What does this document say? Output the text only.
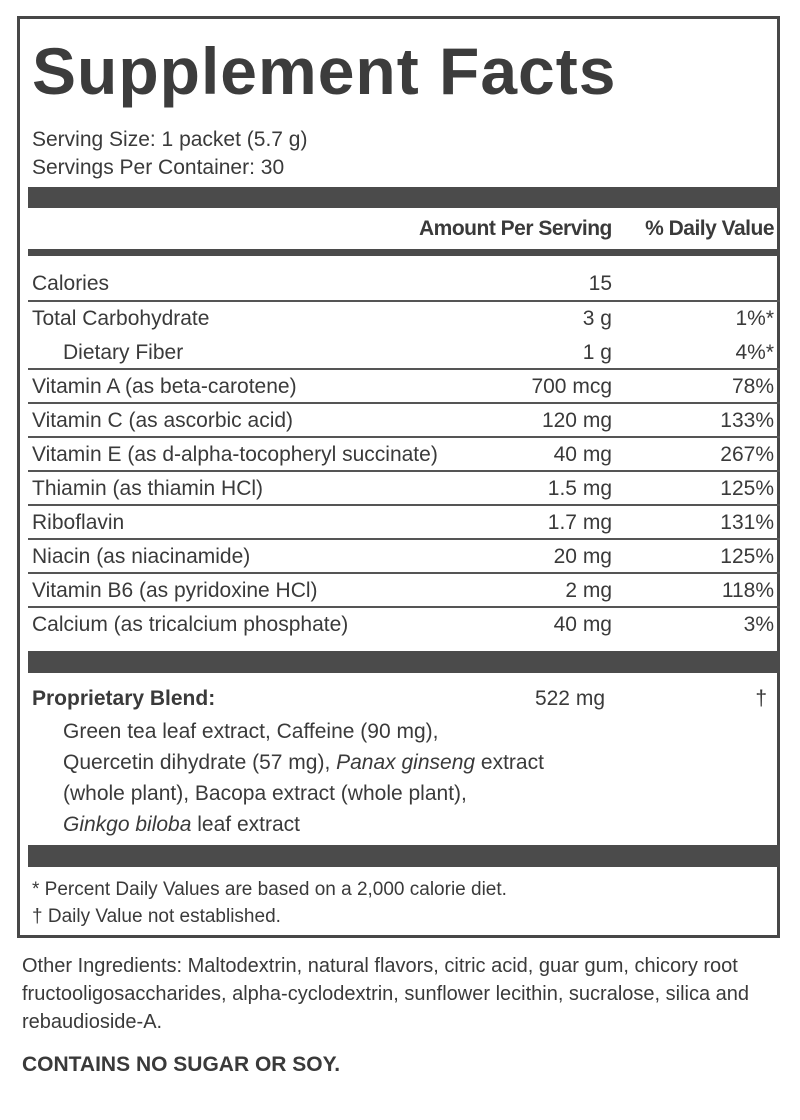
Supplement Facts
Serving Size: 1 packet (5.7 g)
Servings Per Container: 30
Amount Per Serving % Daily Value
Calories	15
Total Carbohydrate	3 g	1%*
Dietary Fiber	1 g	4%*
Vitamin A (as beta-carotene)	700 mcg	78%
Vitamin C (as ascorbic acid)	120 mg	133%
Vitamin E (as d-alpha-tocopheryl succinate)	40 mg	267%
Thiamin (as thiamin HCl)	1.5 mg	125%
Riboflavin	1.7 mg	131%
Niacin (as niacinamide)	20 mg	125%
Vitamin B6 (as pyridoxine HCl)	2 mg	118%
Calcium (as tricalcium phosphate)	40 mg	3%
Proprietary Blend:	522 mg	†
Green tea leaf extract, Caffeine (90 mg),
Quercetin dihydrate (57 mg), Panax ginseng extract
(whole plant), Bacopa extract (whole plant),
Ginkgo biloba leaf extract
* Percent Daily Values are based on a 2,000 calorie diet.
† Daily Value not established.
Other Ingredients: Maltodextrin, natural flavors, citric acid, guar gum, chicory root fructooligosaccharides, alpha-cyclodextrin, sunflower lecithin, sucralose, silica and rebaudioside-A.
CONTAINS NO SUGAR OR SOY.
